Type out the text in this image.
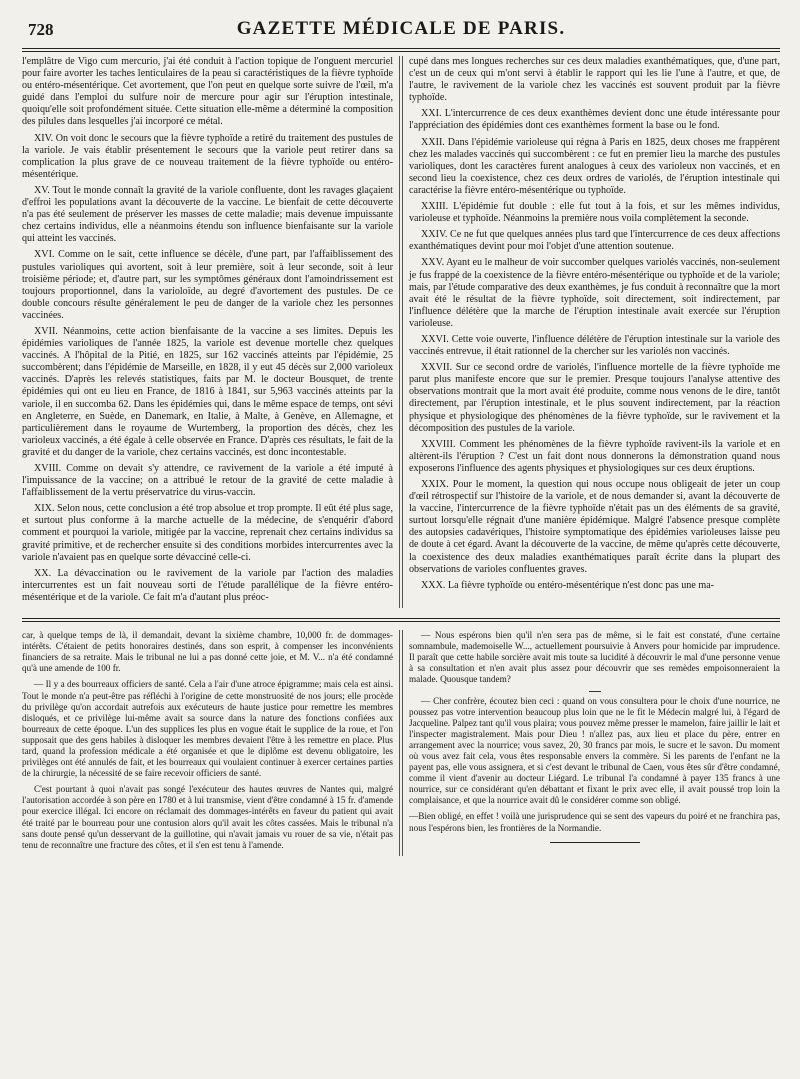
728	GAZETTE MÉDICALE DE PARIS.

l'emplâtre de Vigo cum mercurio, j'ai été conduit à l'action topique de l'onguent mercuriel pour faire avorter les taches lenticulaires de la peau si caractéristiques de la fièvre typhoïde ou entéro-mésentérique. Cet avortement, que l'on peut en quelque sorte suivre de l'œil, m'a guidé dans l'emploi du sulfure noir de mercure pour agir sur l'éruption intestinale, quoiqu'elle soit profondément située. Cette situation elle-même a déterminé la composition des pilules dans lesquelles j'ai incorporé ce métal.

XIV. On voit donc le secours que la fièvre typhoïde a retiré du traitement des pustules de la variole. Je vais établir présentement le secours que la variole peut retirer dans sa complication la plus grave de ce nouveau traitement de la fièvre typhoïde ou entéro-mésentérique.

XV. Tout le monde connaît la gravité de la variole confluente, dont les ravages glaçaient d'effroi les populations avant la découverte de la vaccine. Le bienfait de cette découverte n'a pas été seulement de préserver les masses de cette maladie; mais devenue impuissante chez certains individus, elle a néanmoins étendu son influence bienfaisante sur la variole qui atteint les vaccinés.

XVI. Comme on le sait, cette influence se décèle, d'une part, par l'affaiblissement des pustules varioliques qui avortent, soit à leur première, soit à leur seconde, soit à leur troisième période; et, d'autre part, sur les symptômes généraux dont l'amoindrissement est toujours proportionnel, dans la varioloïde, au degré d'avortement des pustules. De ce double concours résulte généralement le peu de danger de la variole chez les personnes vaccinées.

XVII. Néanmoins, cette action bienfaisante de la vaccine a ses limites. Depuis les épidémies varioliques de l'année 1825, la variole est devenue mortelle chez quelques vaccinés. A l'hôpital de la Pitié, en 1825, sur 162 vaccinés atteints par l'épidémie, 25 succombèrent; dans l'épidémie de Marseille, en 1828, il y eut 45 décès sur 2,000 varioleux vaccinés. D'après les relevés statistiques, faits par M. le docteur Bousquet, de trente épidémies qui ont eu lieu en France, de 1816 à 1841, sur 5,963 vaccinés atteints par la variole, il en succomba 62. Dans les épidémies qui, dans le même espace de temps, ont sévi en Angleterre, en Suède, en Danemark, en Italie, à Malte, à Genève, en Allemagne, et particulièrement dans le royaume de Wurtemberg, la proportion des décès, chez les varioleux vaccinés, a été égale à celle observée en France. D'après ces résultats, le fait de la gravité et du danger de la variole, chez certains vaccinés, est donc incontestable.

XVIII. Comme on devait s'y attendre, ce ravivement de la variole a été imputé à l'impuissance de la vaccine; on a attribué le retour de la gravité de cette maladie à l'affaiblissement de la vertu préservatrice du virus-vaccin.

XIX. Selon nous, cette conclusion a été trop absolue et trop prompte. Il eût été plus sage, et surtout plus conforme à la marche actuelle de la médecine, de s'enquérir d'abord comment et pourquoi la variole, mitigée par la vaccine, reprenait chez certains individus sa gravité primitive, et de rechercher ensuite si des conditions morbides intercurrentes avec la variole n'avaient pas en quelque sorte dévacciné celle-ci.

XX. La dévaccination ou le ravivement de la variole par l'action des maladies intercurrentes est un fait nouveau sorti de l'étude parallélique de la fièvre entéro-mésentérique et de la variole. Ce fait m'a d'autant plus préoc-

cupé dans mes longues recherches sur ces deux maladies exanthématiques, que, d'une part, c'est un de ceux qui m'ont servi à établir le rapport qui les lie l'une à l'autre, et que, de l'autre, le ravivement de la variole chez les vaccinés est souvent produit par la fièvre typhoïde.

XXI. L'intercurrence de ces deux exanthèmes devient donc une étude intéressante pour l'appréciation des épidémies dont ces exanthèmes forment la base ou le fond.

XXII. Dans l'épidémie varioleuse qui régna à Paris en 1825, deux choses me frappèrent chez les malades vaccinés qui succombèrent : ce fut en premier lieu la marche des pustules varioliques, dont les caractères furent analogues à ceux des varioleux non vaccinés, et en second lieu la coexistence, chez ces deux ordres de variolés, de l'éruption intestinale qui caractérise la fièvre entéro-mésentérique ou typhoïde.

XXIII. L'épidémie fut double : elle fut tout à la fois, et sur les mêmes individus, varioleuse et typhoïde. Néanmoins la première nous voila complètement la seconde.

XXIV. Ce ne fut que quelques années plus tard que l'intercurrence de ces deux affections exanthématiques devint pour moi l'objet d'une attention soutenue.

XXV. Ayant eu le malheur de voir succomber quelques variolés vaccinés, non-seulement je fus frappé de la coexistence de la fièvre entéro-mésentérique ou typhoïde et de la variole; mais, par l'étude comparative des deux exanthèmes, je fus conduit à reconnaître que la mort avait été le résultat de la fièvre typhoïde, soit directement, soit indirectement, par l'influence délétère que la marche de l'éruption intestinale avait exercée sur l'éruption varioleuse.

XXVI. Cette voie ouverte, l'influence délétère de l'éruption intestinale sur la variole des vaccinés entrevue, il était rationnel de la chercher sur les variolés non vaccinés.

XXVII. Sur ce second ordre de variolés, l'influence mortelle de la fièvre typhoïde me parut plus manifeste encore que sur le premier. Presque toujours l'analyse attentive des observations montrait que la mort avait été produite, comme nous venons de le dire, tantôt directement, par l'éruption intestinale, et le plus souvent indirectement, par la réaction physique et physiologique des phénomènes de la fièvre typhoïde, sur le ravivement et la décomposition des pustules de la variole.

XXVIII. Comment les phénomènes de la fièvre typhoïde ravivent-ils la variole et en altèrent-ils l'éruption ? C'est un fait dont nous donnerons la démonstration quand nous exposerons l'influence des agents physiques et physiologiques sur ces deux éruptions.

XXIX. Pour le moment, la question qui nous occupe nous obligeait de jeter un coup d'œil rétrospectif sur l'histoire de la variole, et de nous demander si, avant la découverte de la vaccine, l'intercurrence de la fièvre typhoïde n'était pas un des éléments de sa gravité, surtout lorsqu'elle régnait d'une manière épidémique. Malgré l'absence presque complète des autopsies cadavériques, l'histoire symptomatique des épidémies varioleuses laisse peu de doute à cet égard. Avant la découverte de la vaccine, de même qu'après cette découverte, la coexistence des deux maladies exanthématiques paraît écrite dans la plupart des observations de varioles confluentes graves.

XXX. La fièvre typhoïde ou entéro-mésentérique n'est donc pas une ma-

car, à quelque temps de là, il demandait, devant la sixième chambre, 10,000 fr. de dommages-intérêts. C'étaient de petits honoraires destinés, dans son esprit, à compenser les inconvénients financiers de sa retraite. Mais le tribunal ne lui a pas donné cette joie, et M. V... n'a été condamné qu'à une amende de 100 fr.

— Il y a des bourreaux officiers de santé. Cela a l'air d'une atroce épigramme; mais cela est ainsi. Tout le monde n'a peut-être pas réfléchi à l'origine de cette monstruosité de nos jours; elle procède du privilège qu'on accordait autrefois aux exécuteurs de haute justice pour remettre les membres disloqués, et ce privilège lui-même avait sa source dans la nature des fonctions confiées aux bourreaux de cette époque. L'un des supplices les plus en vogue était le supplice de la roue, et l'on supposait que des gens habiles à disloquer les membres devaient l'être à les remettre en place. Plus tard, quand la profession médicale a été organisée et que le diplôme est devenu obligatoire, les privilèges ont été annulés de fait, et les bourreaux qui voulaient continuer à exercer certaines parties de la chirurgie, la nécessité de se faire recevoir officiers de santé.

C'est pourtant à quoi n'avait pas songé l'exécuteur des hautes œuvres de Nantes qui, malgré l'autorisation accordée à son père en 1780 et à lui transmise, vient d'être condamné à 15 fr. d'amende pour exercice illégal. Ici encore on réclamait des dommages-intérêts en faveur du patient qui avait été traité par le bourreau pour une contusion alors qu'il avait les côtes cassées. Mais le tribunal n'a sans doute pensé qu'un desservant de la guillotine, qui n'avait jamais vu rouer de sa vie, n'était pas tenu de reconnaître une fracture des côtes, et il s'en est tenu à l'amende.

— Nous espérons bien qu'il n'en sera pas de même, si le fait est constaté, d'une certaine somnambule, mademoiselle W..., actuellement poursuivie à Anvers pour homicide par imprudence. Il paraît que cette habile sorcière avait mis toute sa lucidité à découvrir le mal d'une personne venue à sa consultation et n'en avait plus assez pour découvrir que ses remèdes empoisonneraient la malade. Quousque tandem?

— Cher confrère, écoutez bien ceci : quand on vous consultera pour le choix d'une nourrice, ne poussez pas votre intervention beaucoup plus loin que ne le fit le Médecin malgré lui, à l'égard de Jacqueline. Palpez tant qu'il vous plaira; vous pouvez même presser le mamelon, faire jaillir le lait et l'inspecter magistralement. Mais pour Dieu ! n'allez pas, aux lieu et place du père, entrer en arrangement avec la nourrice; vous savez, 20, 30 francs par mois, le sucre et le savon. Du moment où vous avez fait cela, vous êtes responsable envers la commère. Si les parents de l'enfant ne la payent pas, elle vous assignera, et si c'est devant le tribunal de Caen, vous êtes sûr d'être condamné, comme il vient d'avenir au docteur Liégard. Le tribunal l'a condamné à payer 135 francs à une nourrice, sur ce considérant qu'en débattant et fixant le prix avec elle, il avait poussé trop loin la complaisance, et que la nourrice avait dû le considérer comme son obligé.

—Bien obligé, en effet ! voilà une jurisprudence qui se sent des vapeurs du poiré et ne franchira pas, nous l'espérons bien, les frontières de la Normandie.
